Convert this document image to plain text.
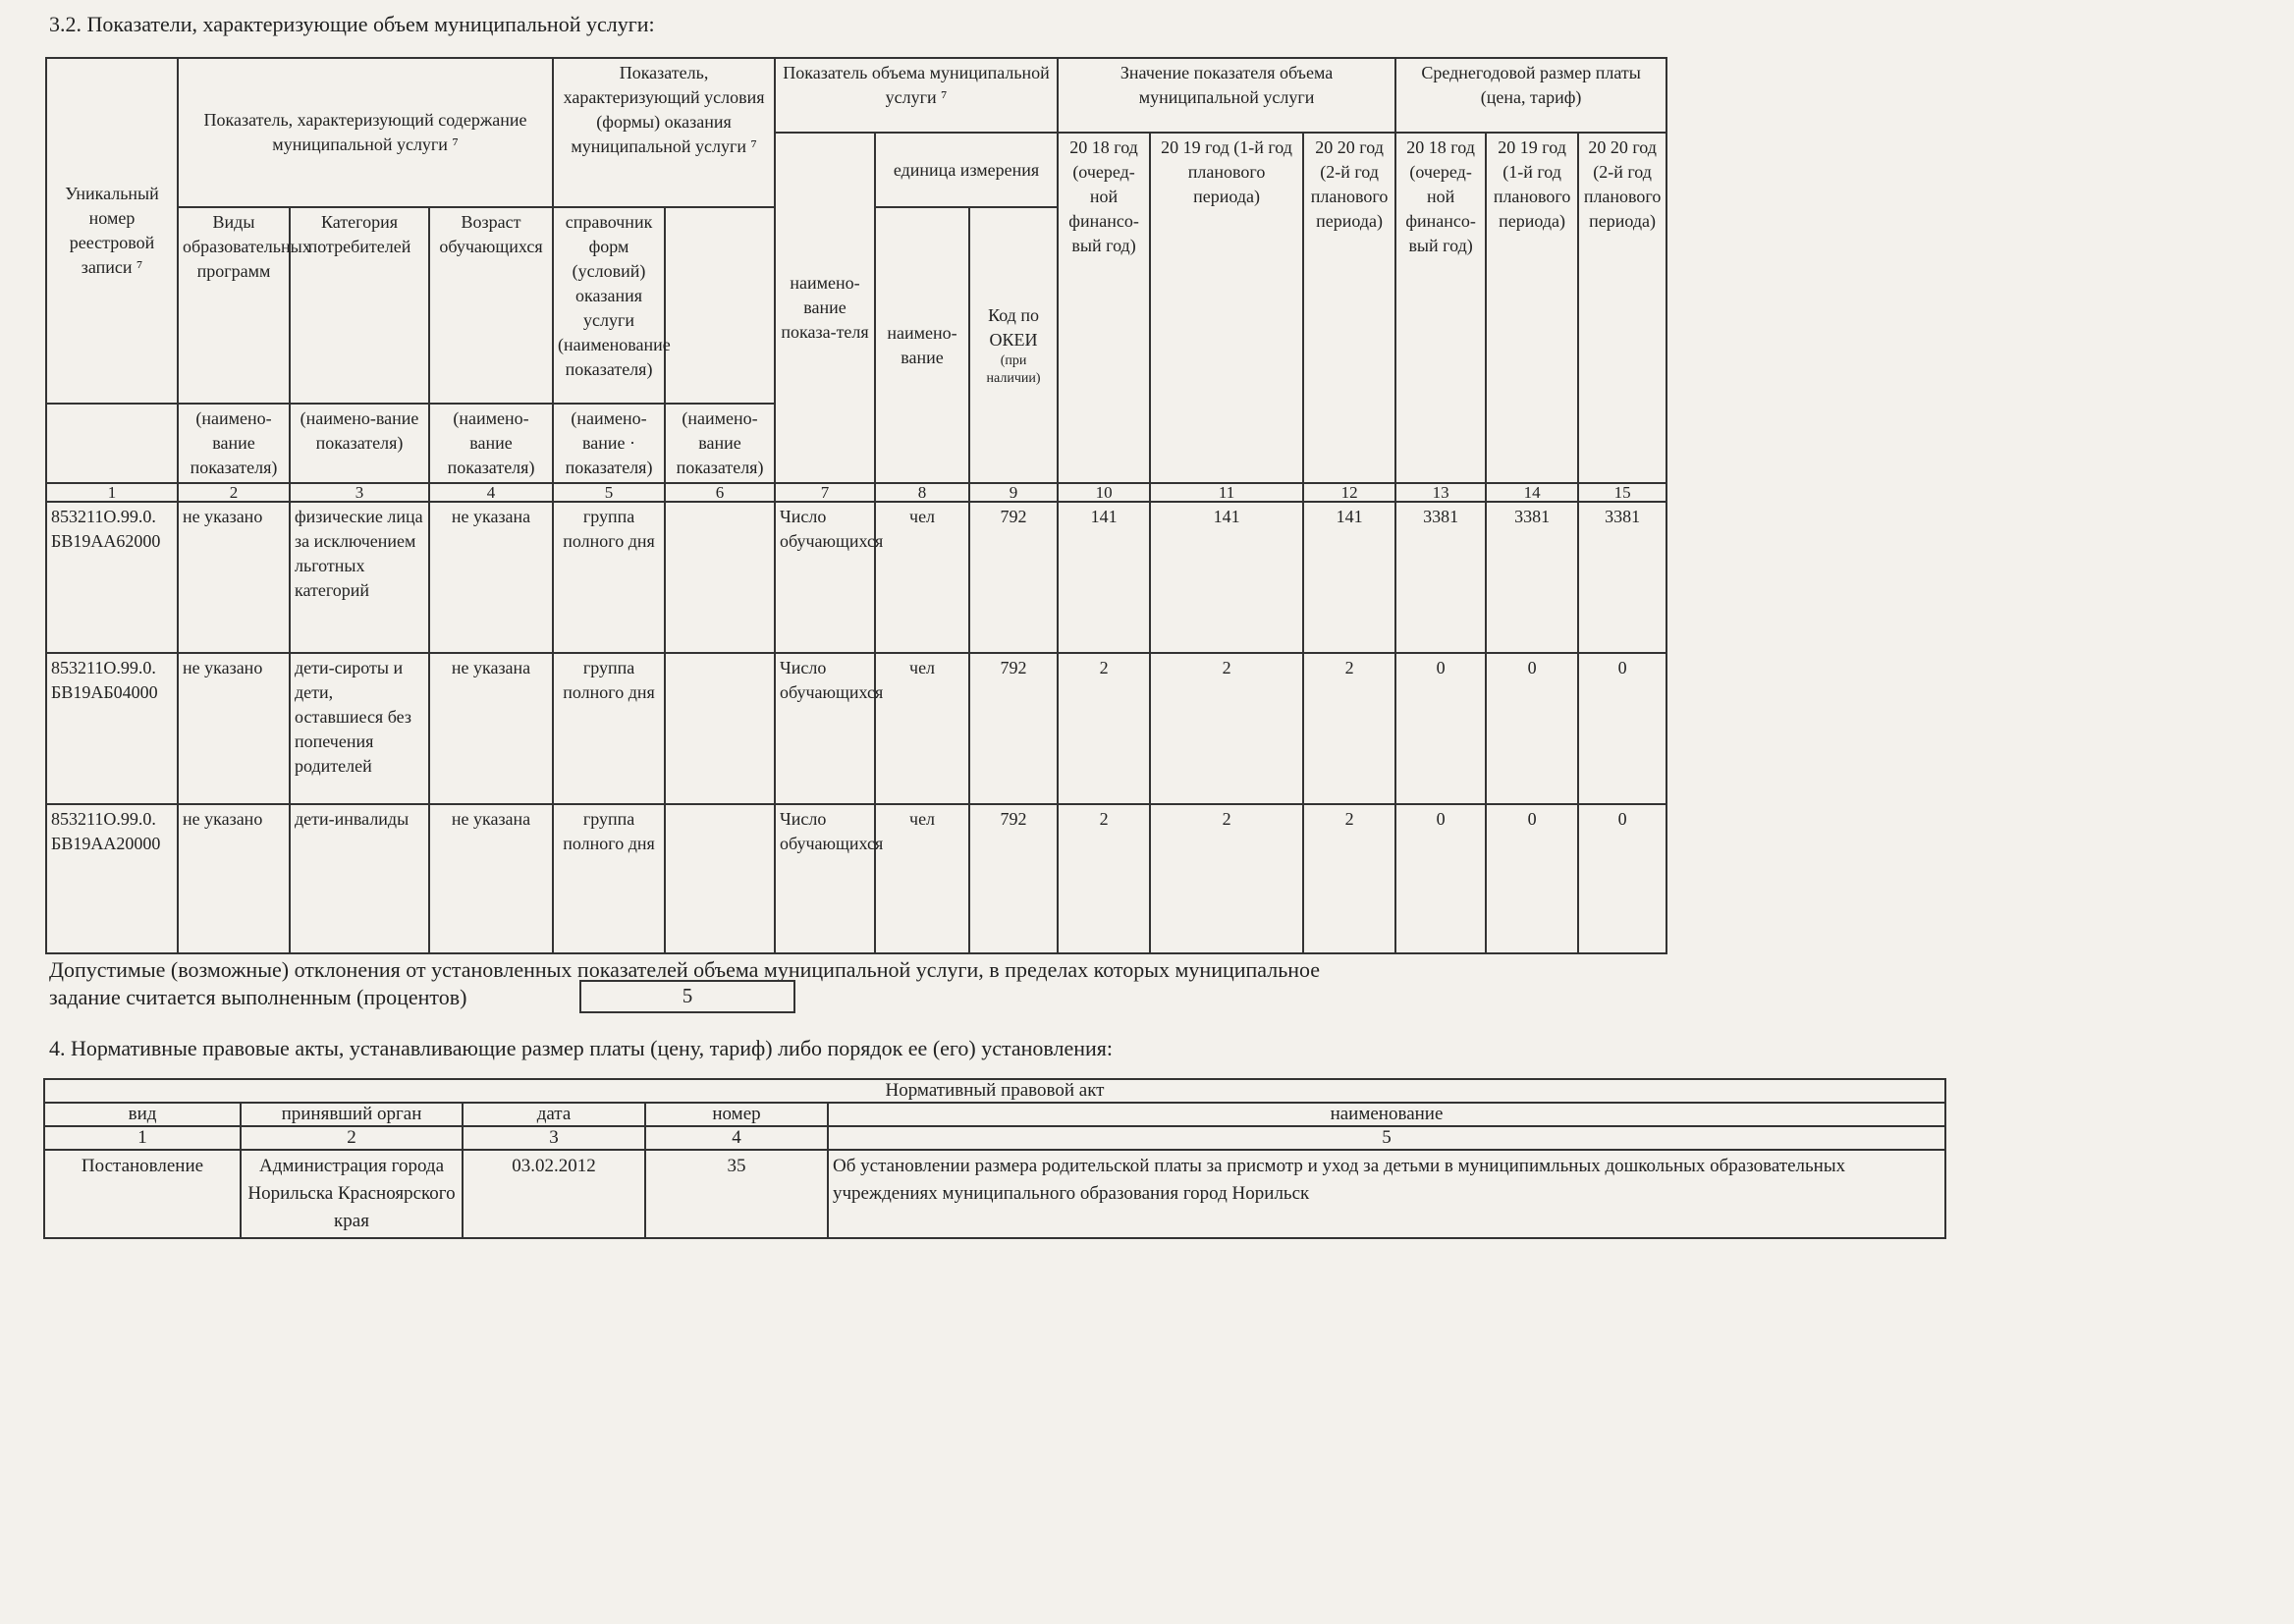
3.2. Показатели, характеризующие объем муниципальной услуги:
Уникальный номер реестровой записи ⁷	Показатель, характеризующий содержание муниципальной услуги ⁷			Показатель, характеризующий условия (формы) оказания муниципальной услуги ⁷		Показатель объема муниципальной услуги ⁷			Значение показателя объема муниципальной услуги			Среднегодовой размер платы (цена, тариф)			
						наимено-вание показа-теля	единица измерения		20 18 год (очеред-ной финансо-вый год)	20 19 год (1-й год планового периода)	20 20 год (2-й год планового периода)	20 18 год (очеред-ной финансо-вый год)	20 19 год (1-й год планового периода)	20 20 год (2-й год планового периода)	
	Виды образовательных программ	Категория потребителей	Возраст обучающихся	справочник форм (условий) оказания услуги (наименование показателя)			наимено-вание	Код по ОКЕИ
(при наличии)							

	(наимено-вание показателя)	(наимено-вание показателя)	(наимено-вание показателя)	(наимено-вание · показателя)	(наимено-вание показателя)										
1	2	3	4	5	6	7	8	9	10	11	12	13	14	15	
853211О.99.0. БВ19АА62000	не указано	физические лица за исключением льготных категорий	не указана	группа полного дня		Число обучающихся	чел	792	141	141	141	3381	3381	3381	
853211О.99.0. БВ19АБ04000	не указано	дети-сироты и дети, оставшиеся без попечения родителей	не указана	группа полного дня		Число обучающихся	чел	792	2	2	2	0	0	0	
853211О.99.0. БВ19АА20000	не указано	дети-инвалиды	не указана	группа полного дня		Число обучающихся	чел	792	2	2	2	0	0	0	
Допустимые (возможные) отклонения от установленных показателей объема муниципальной услуги, в пределах которых муниципальное
задание считается выполненным (процентов)	5
4. Нормативные правовые акты, устанавливающие размер платы (цену, тариф) либо порядок ее (его) установления:
Нормативный правовой акт				
вид	принявший орган	дата	номер	наименование
1	2	3	4	5
Постановление	Администрация города Норильска Красноярского края	03.02.2012	35	Об установлении размера родительской платы за присмотр и уход за детьми в муниципимльных дошкольных образовательных учреждениях муниципального образования город Норильск
